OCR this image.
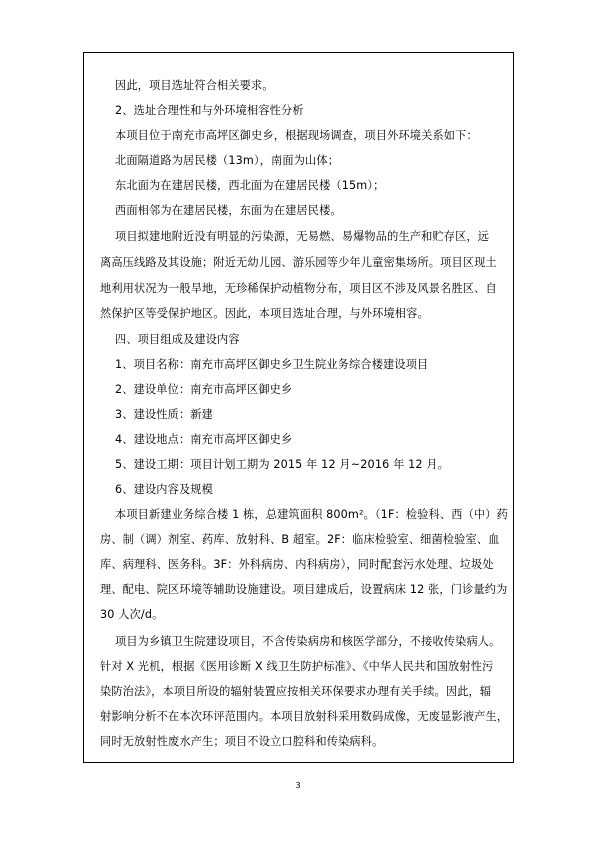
因此，项目选址符合相关要求。
2、选址合理性和与外环境相容性分析
本项目位于南充市高坪区御史乡，根据现场调查，项目外环境关系如下：
北面隔道路为居民楼（13m），南面为山体；
东北面为在建居民楼，西北面为在建居民楼（15m）；
西面相邻为在建居民楼，东面为在建居民楼。
项目拟建地附近没有明显的污染源，无易燃、易爆物品的生产和贮存区，远
离高压线路及其设施；附近无幼儿园、游乐园等少年儿童密集场所。项目区现土
地利用状况为一般旱地，无珍稀保护动植物分布，项目区不涉及风景名胜区、自
然保护区等受保护地区。因此，本项目选址合理，与外环境相容。
四、项目组成及建设内容
1、项目名称：南充市高坪区御史乡卫生院业务综合楼建设项目
2、建设单位：南充市高坪区御史乡
3、建设性质：新建
4、建设地点：南充市高坪区御史乡
5、建设工期：项目计划工期为 2015 年 12 月~2016 年 12 月。
6、建设内容及规模
本项目新建业务综合楼 1 栋，总建筑面积 800m²。（1F：检验科、西（中）药
房、制（调）剂室、药库、放射科、B 超室。2F：临床检验室、细菌检验室、血
库、病理科、医务科。3F：外科病房、内科病房），同时配套污水处理、垃圾处
理、配电、院区环境等辅助设施建设。项目建成后，设置病床 12 张，门诊量约为
30 人次/d。
项目为乡镇卫生院建设项目，不含传染病房和核医学部分，不接收传染病人。
针对 X 光机，根据《医用诊断 X 线卫生防护标准》、《中华人民共和国放射性污
染防治法》，本项目所设的辐射装置应按相关环保要求办理有关手续。因此，辐
射影响分析不在本次环评范围内。本项目放射科采用数码成像，无废显影液产生，
同时无放射性废水产生；项目不设立口腔科和传染病科。
3
